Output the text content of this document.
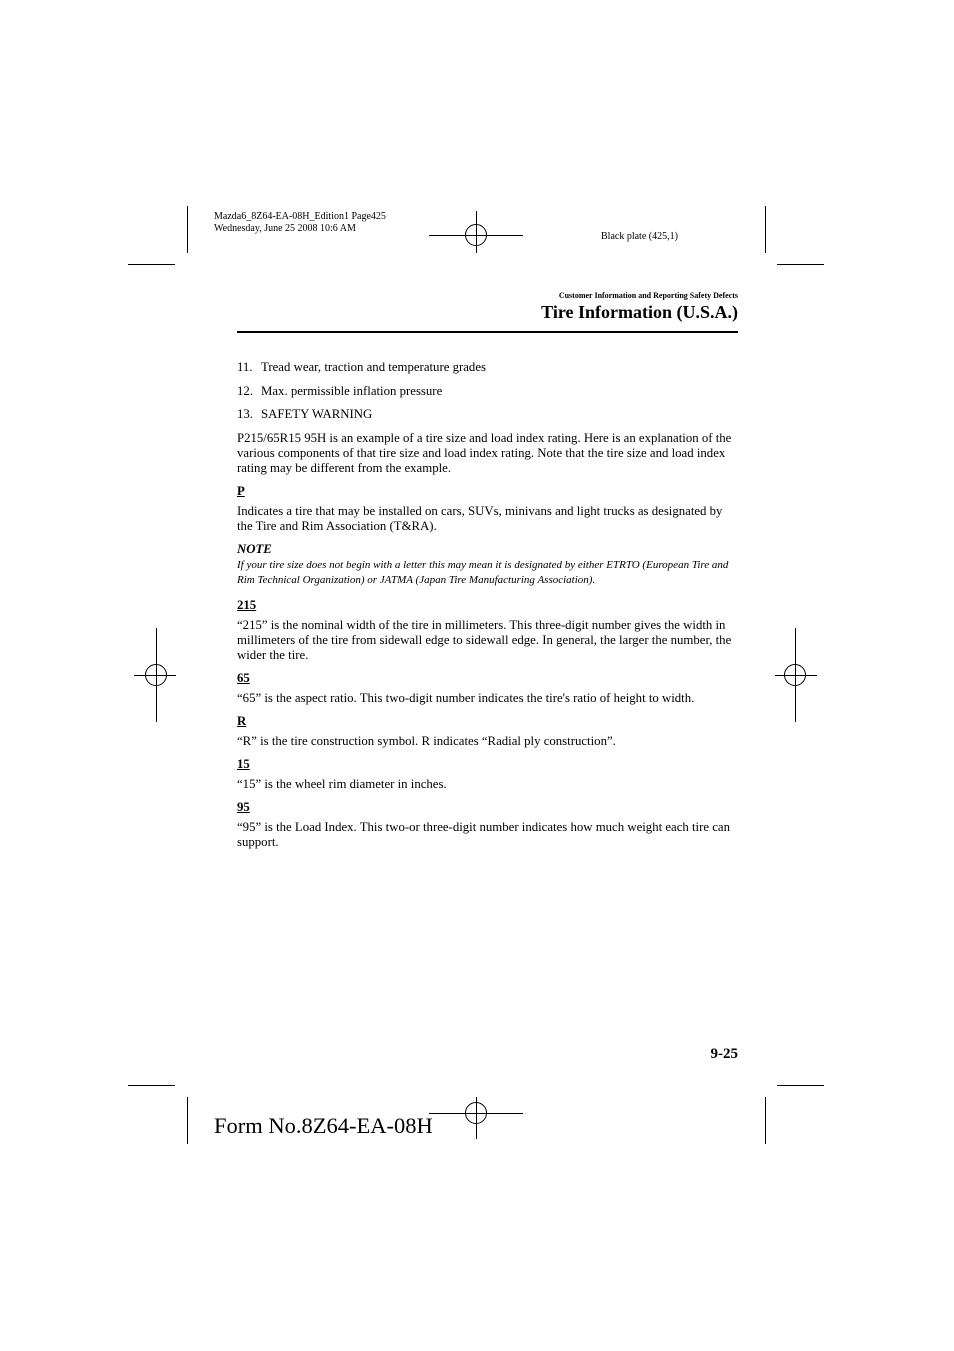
Mazda6_8Z64-EA-08H_Edition1 Page425
Wednesday, June 25 2008 10:6 AM
Black plate (425,1)
Customer Information and Reporting Safety Defects
Tire Information (U.S.A.)
11. Tread wear, traction and temperature grades
12. Max. permissible inflation pressure
13. SAFETY WARNING

P215/65R15 95H is an example of a tire size and load index rating. Here is an explanation of the various components of that tire size and load index rating. Note that the tire size and load index rating may be different from the example.

P

Indicates a tire that may be installed on cars, SUVs, minivans and light trucks as designated by the Tire and Rim Association (T&RA).

NOTE

If your tire size does not begin with a letter this may mean it is designated by either ETRTO (European Tire and Rim Technical Organization) or JATMA (Japan Tire Manufacturing Association).

215

“215” is the nominal width of the tire in millimeters. This three-digit number gives the width in millimeters of the tire from sidewall edge to sidewall edge. In general, the larger the number, the wider the tire.

65

“65” is the aspect ratio. This two-digit number indicates the tire's ratio of height to width.

R

“R” is the tire construction symbol. R indicates “Radial ply construction”.

15

“15” is the wheel rim diameter in inches.

95

“95” is the Load Index. This two-or three-digit number indicates how much weight each tire can support.

9-25
Form No.8Z64-EA-08H
